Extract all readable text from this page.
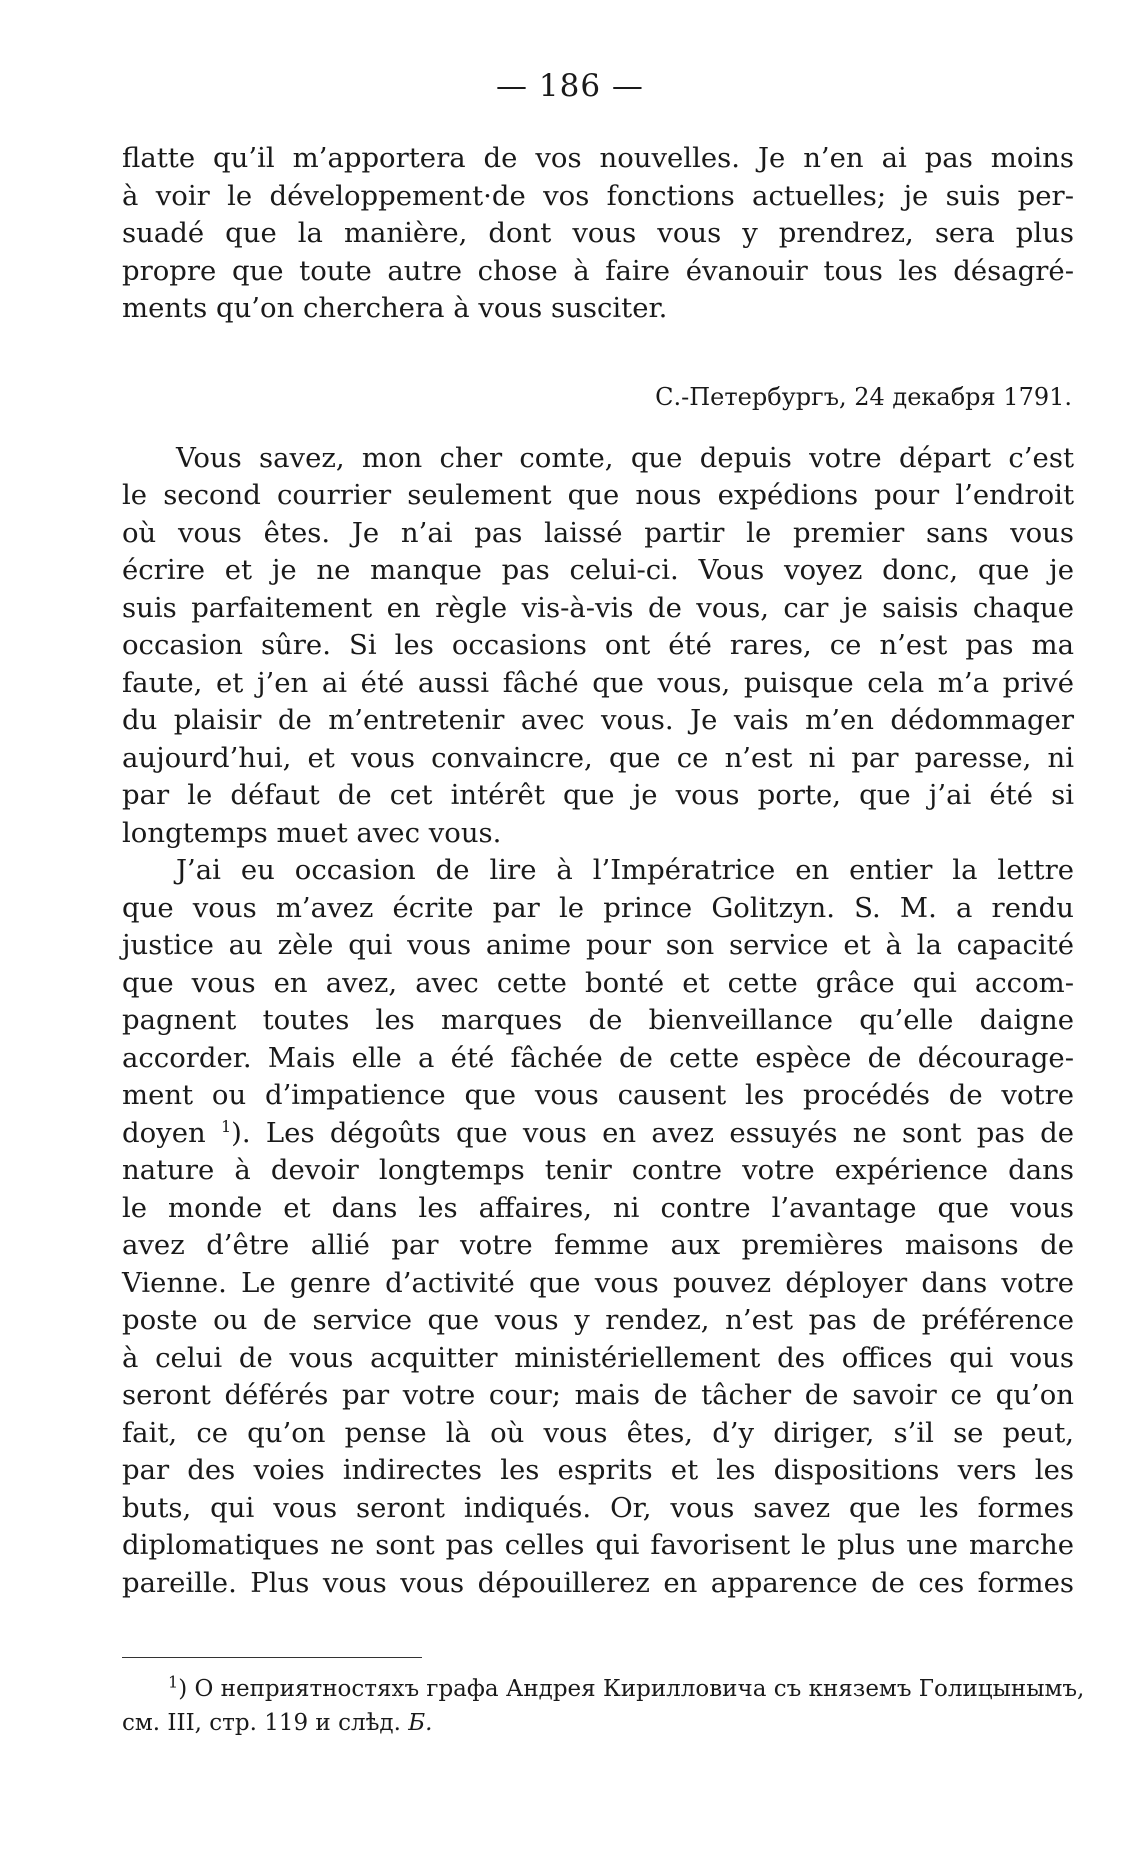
— 186 —
flatte qu’il m’apportera de vos nouvelles. Je n’en ai pas moins
à voir le développement·de vos fonctions actuelles; je suis per-
suadé que la manière, dont vous vous y prendrez, sera plus
propre que toute autre chose à faire évanouir tous les désagré-
ments qu’on cherchera à vous susciter.
С.-Петербургъ, 24 декабря 1791.
Vous savez, mon cher comte, que depuis votre départ c’est
le second courrier seulement que nous expédions pour l’endroit
où vous êtes. Je n’ai pas laissé partir le premier sans vous
écrire et je ne manque pas celui-ci. Vous voyez donc, que je
suis parfaitement en règle vis-à-vis de vous, car je saisis chaque
occasion sûre. Si les occasions ont été rares, ce n’est pas ma
faute, et j’en ai été aussi fâché que vous, puisque cela m’a privé
du plaisir de m’entretenir avec vous. Je vais m’en dédommager
aujourd’hui, et vous convaincre, que ce n’est ni par paresse, ni
par le défaut de cet intérêt que je vous porte, que j’ai été si
longtemps muet avec vous.
J’ai eu occasion de lire à l’Impératrice en entier la lettre
que vous m’avez écrite par le prince Golitzyn. S. M. a rendu
justice au zèle qui vous anime pour son service et à la capacité
que vous en avez, avec cette bonté et cette grâce qui accom-
pagnent toutes les marques de bienveillance qu’elle daigne
accorder. Mais elle a été fâchée de cette espèce de décourage-
ment ou d’impatience que vous causent les procédés de votre
doyen $^1$). Les dégoûts que vous en avez essuyés ne sont pas de
nature à devoir longtemps tenir contre votre expérience dans
le monde et dans les affaires, ni contre l’avantage que vous
avez d’être allié par votre femme aux premières maisons de
Vienne. Le genre d’activité que vous pouvez déployer dans votre
poste ou de service que vous y rendez, n’est pas de préférence
à celui de vous acquitter ministériellement des offices qui vous
seront déférés par votre cour; mais de tâcher de savoir ce qu’on
fait, ce qu’on pense là où vous êtes, d’y diriger, s’il se peut,
par des voies indirectes les esprits et les dispositions vers les
buts, qui vous seront indiqués. Or, vous savez que les formes
diplomatiques ne sont pas celles qui favorisent le plus une marche
pareille. Plus vous vous dépouillerez en apparence de ces formes
$^1$) О неприятностяхъ графа Андрея Кирилловича съ княземъ Голицынымъ,
см. III, стр. 119 и слѣд. Б.
